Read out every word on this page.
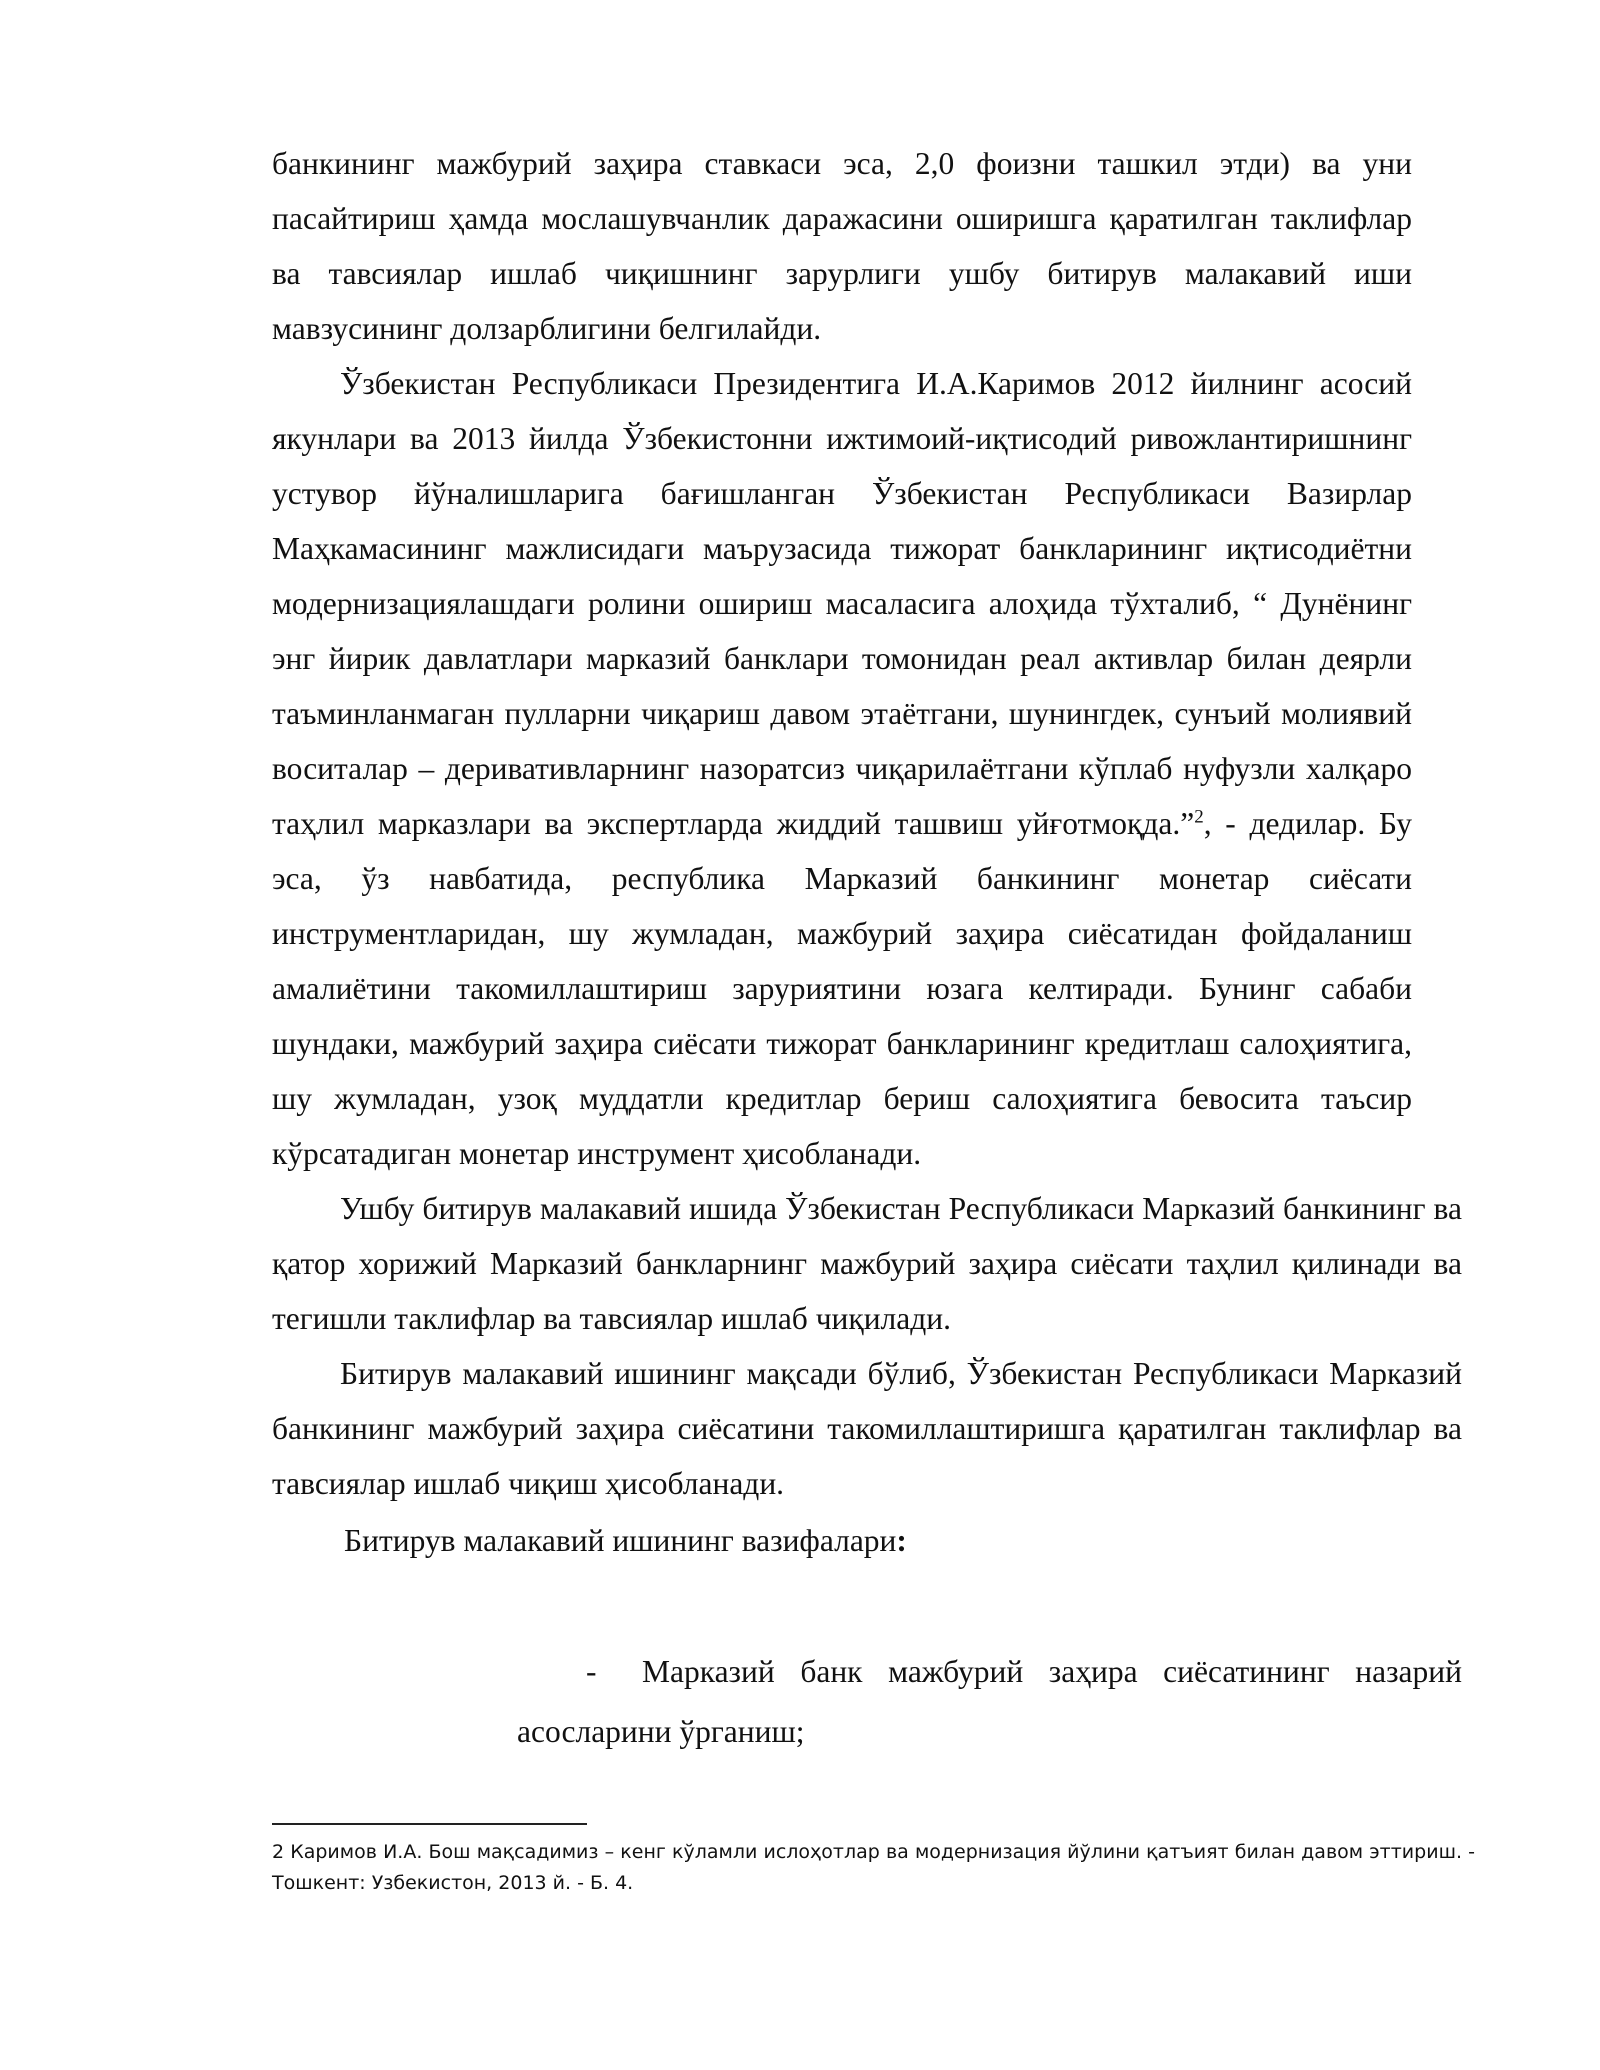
банкининг мажбурий заҳира ставкаси эса, 2,0 фоизни ташкил этди) ва уни пасайтириш ҳамда мослашувчанлик даражасини оширишга қаратилган таклифлар ва тавсиялар ишлаб чиқишнинг зарурлиги ушбу битирув малакавий иши мавзусининг долзарблигини белгилайди.

Ўзбекистан Республикаси Президентига И.А.Каримов 2012 йилнинг асосий якунлари ва 2013 йилда Ўзбекистонни ижтимоий-иқтисодий ривожлантиришнинг устувор йўналишларига бағишланган Ўзбекистан Республикаси Вазирлар Маҳкамасининг мажлисидаги маърузасида тижорат банкларининг иқтисодиётни модернизациялашдаги ролини ошириш масаласига алоҳида тўхталиб, “ Дунёнинг энг йирик давлатлари марказий банклари томонидан реал активлар билан деярли таъминланмаган пулларни чиқариш давом этаётгани, шунингдек, сунъий молиявий воситалар – деривативларнинг назоратсиз чиқарилаётгани кўплаб нуфузли халқаро таҳлил марказлари ва экспертларда жиддий ташвиш уйғотмоқда.”$^2$, - дедилар. Бу эса, ўз навбатида, республика Марказий банкининг монетар сиёсати инструментларидан, шу жумладан, мажбурий заҳира сиёсатидан фойдаланиш амалиётини такомиллаштириш заруриятини юзага келтиради. Бунинг сабаби шундаки, мажбурий заҳира сиёсати тижорат банкларининг кредитлаш салоҳиятига, шу жумладан, узоқ муддатли кредитлар бериш салоҳиятига бевосита таъсир кўрсатадиган монетар инструмент ҳисобланади.

Ушбу битирув малакавий ишида Ўзбекистан Республикаси Марказий банкининг ва қатор хорижий Марказий банкларнинг мажбурий заҳира сиёсати таҳлил қилинади ва тегишли таклифлар ва тавсиялар ишлаб чиқилади.

Битирув малакавий ишининг мақсади бўлиб, Ўзбекистан Республикаси Марказий банкининг мажбурий заҳира сиёсатини такомиллаштиришга қаратилган таклифлар ва тавсиялар ишлаб чиқиш ҳисобланади.

Битирув малакавий ишининг вазифалари:

-	Марказий банк мажбурий заҳира сиёсатининг назарий
асосларини ўрганиш;
2 Каримов И.А. Бош мақсадимиз – кенг кўламли ислоҳотлар ва модернизация йўлини қатъият билан давом эттириш. - Тошкент: Узбекистон, 2013 й. - Б. 4.
